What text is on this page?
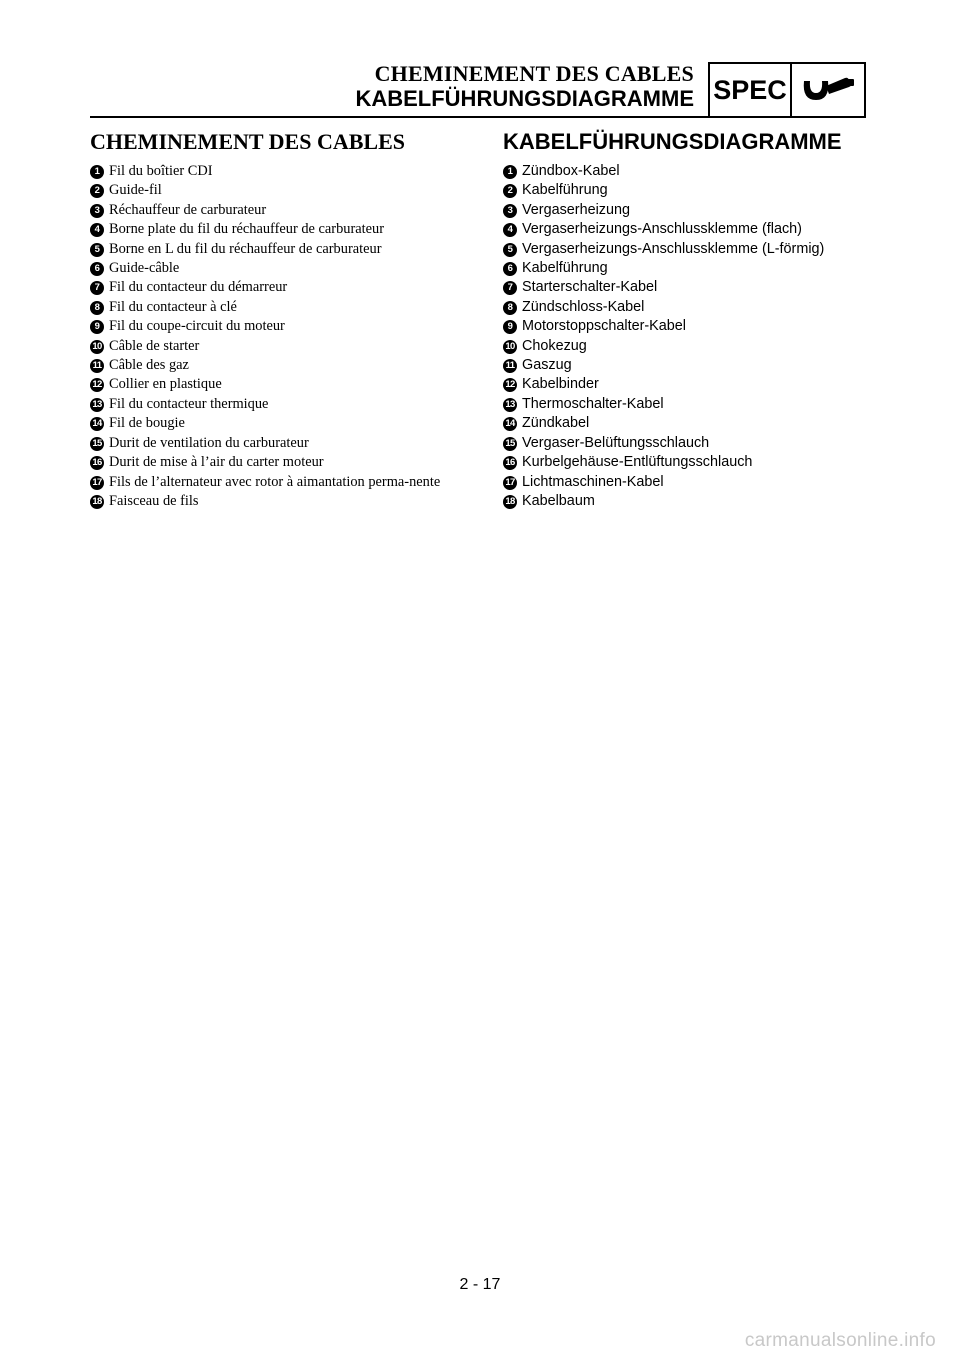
CHEMINEMENT DES CABLES
KABELFÜHRUNGSDIAGRAMME SPEC
CHEMINEMENT DES CABLES
1 Fil du boîtier CDI
2 Guide-fil
3 Réchauffeur de carburateur
4 Borne plate du fil du réchauffeur de carburateur
5 Borne en L du fil du réchauffeur de carburateur
6 Guide-câble
7 Fil du contacteur du démarreur
8 Fil du contacteur à clé
9 Fil du coupe-circuit du moteur
10 Câble de starter
11 Câble des gaz
12 Collier en plastique
13 Fil du contacteur thermique
14 Fil de bougie
15 Durit de ventilation du carburateur
16 Durit de mise à l’air du carter moteur
17 Fils de l’alternateur avec rotor à aimantation perma-nente
18 Faisceau de fils
KABELFÜHRUNGSDIAGRAMME
1 Zündbox-Kabel
2 Kabelführung
3 Vergaserheizung
4 Vergaserheizungs-Anschlussklemme (flach)
5 Vergaserheizungs-Anschlussklemme (L-förmig)
6 Kabelführung
7 Starterschalter-Kabel
8 Zündschloss-Kabel
9 Motorstoppschalter-Kabel
10 Chokezug
11 Gaszug
12 Kabelbinder
13 Thermoschalter-Kabel
14 Zündkabel
15 Vergaser-Belüftungsschlauch
16 Kurbelgehäuse-Entlüftungsschlauch
17 Lichtmaschinen-Kabel
18 Kabelbaum
2 - 17
carmanualsonline.info
